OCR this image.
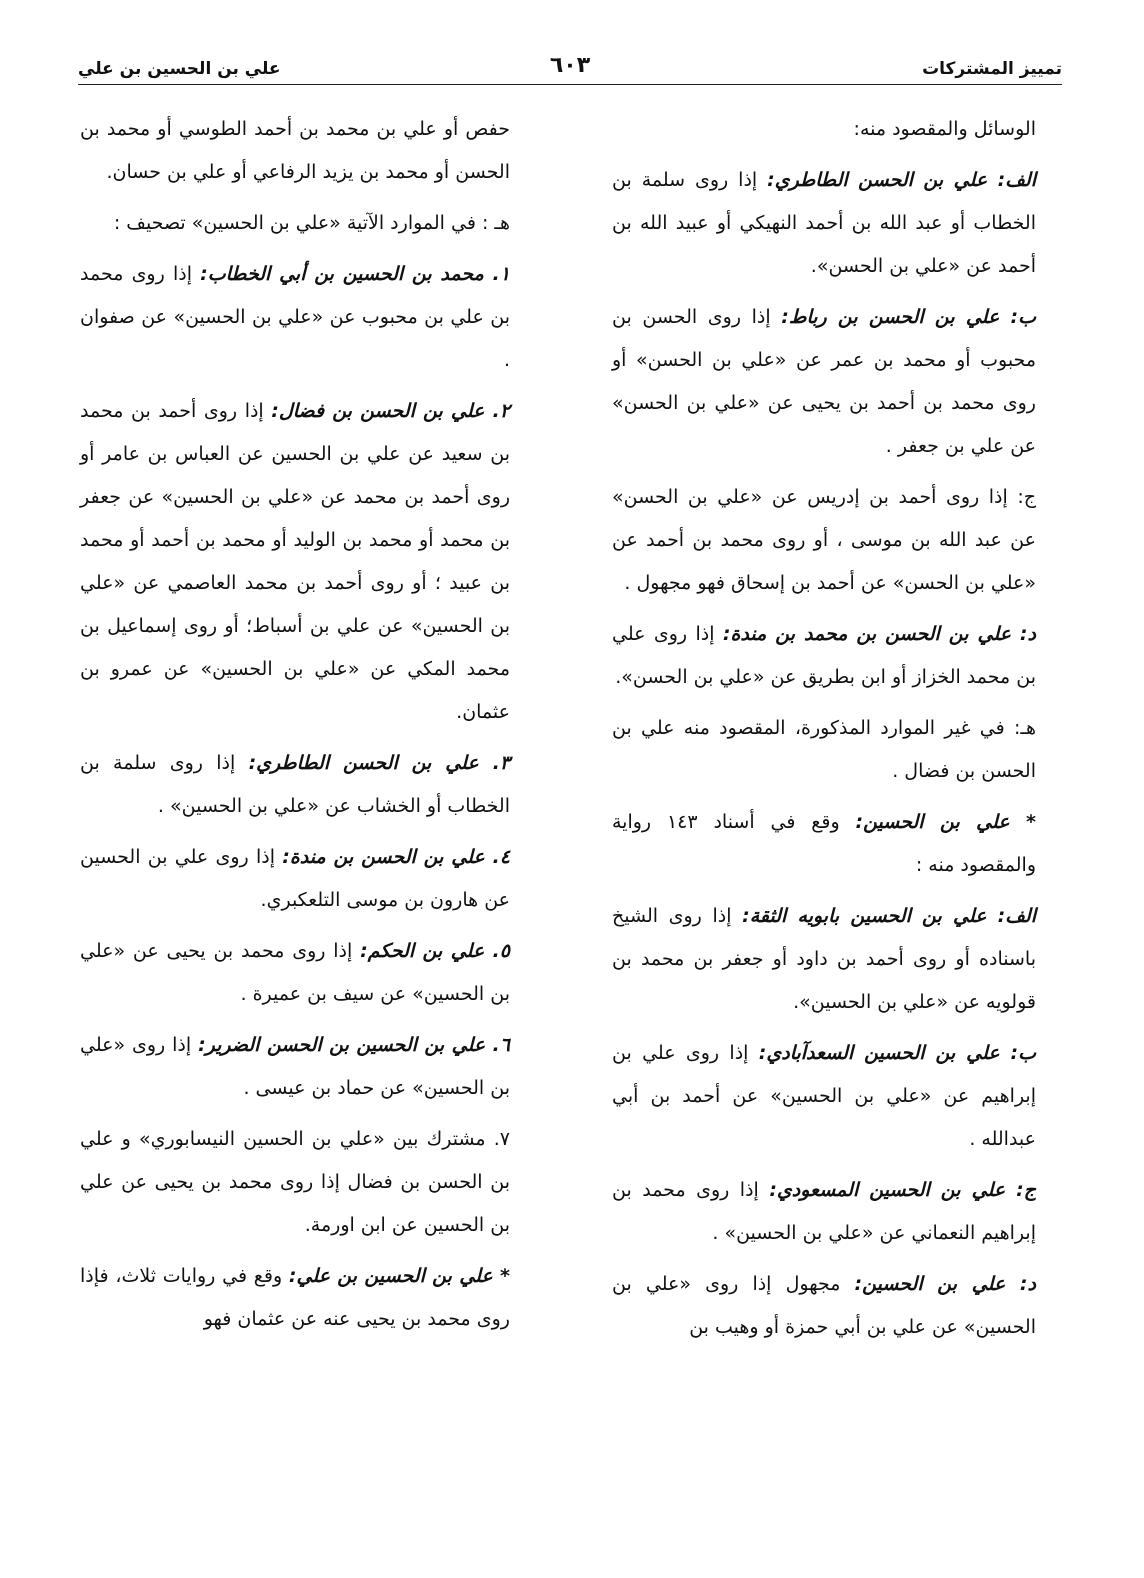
تمييز المشتركات
٦٠٣
علي بن الحسين بن علي

الوسائل والمقصود منه:

الف: علي بن الحسن الطاطري: إذا روى سلمة بن الخطاب أو عبد الله بن أحمد النهيكي أو عبيد الله بن أحمد عن «علي بن الحسن».

ب: علي بن الحسن بن رباط: إذا روى الحسن بن محبوب أو محمد بن عمر عن «علي بن الحسن» أو روى محمد بن أحمد بن يحيى عن «علي بن الحسن» عن علي بن جعفر .

ج: إذا روى أحمد بن إدريس عن «علي بن الحسن» عن عبد الله بن موسى ، أو روى محمد بن أحمد عن «علي بن الحسن» عن أحمد بن إسحاق فهو مجهول .

د: علي بن الحسن بن محمد بن مندة: إذا روى علي بن محمد الخزاز أو ابن بطريق عن «علي بن الحسن».

هـ: في غير الموارد المذكورة، المقصود منه علي بن الحسن بن فضال .

* علي بن الحسين: وقع في أسناد ١٤٣ رواية والمقصود منه :

الف: علي بن الحسين بابويه الثقة: إذا روى الشيخ باسناده أو روى أحمد بن داود أو جعفر بن محمد بن قولويه عن «علي بن الحسين».

ب: علي بن الحسين السعدآبادي: إذا روى علي بن إبراهيم عن «علي بن الحسين» عن أحمد بن أبي عبدالله .

ج: علي بن الحسين المسعودي: إذا روى محمد بن إبراهيم النعماني عن «علي بن الحسين» .

د: علي بن الحسين: مجهول إذا روى «علي بن الحسين» عن علي بن أبي حمزة أو وهيب بن

حفص أو علي بن محمد بن أحمد الطوسي أو محمد بن الحسن أو محمد بن يزيد الرفاعي أو علي بن حسان.

هـ : في الموارد الآتية «علي بن الحسين» تصحيف :

١. محمد بن الحسين بن أبي الخطاب: إذا روى محمد بن علي بن محبوب عن «علي بن الحسين» عن صفوان .

٢. علي بن الحسن بن فضال: إذا روى أحمد بن محمد بن سعيد عن علي بن الحسين عن العباس بن عامر أو روى أحمد بن محمد عن «علي بن الحسين» عن جعفر بن محمد أو محمد بن الوليد أو محمد بن أحمد أو محمد بن عبيد ؛ أو روى أحمد بن محمد العاصمي عن «علي بن الحسين» عن علي بن أسباط؛ أو روى إسماعيل بن محمد المكي عن «علي بن الحسين» عن عمرو بن عثمان.

٣. علي بن الحسن الطاطري: إذا روى سلمة بن الخطاب أو الخشاب عن «علي بن الحسين» .

٤. علي بن الحسن بن مندة: إذا روى علي بن الحسين عن هارون بن موسى التلعكبري.

٥. علي بن الحكم: إذا روى محمد بن يحيى عن «علي بن الحسين» عن سيف بن عميرة .

٦. علي بن الحسين بن الحسن الضرير: إذا روى «علي بن الحسين» عن حماد بن عيسى .

٧. مشترك بين «علي بن الحسين النيسابوري» و علي بن الحسن بن فضال إذا روى محمد بن يحيى عن علي بن الحسين عن ابن اورمة.

* علي بن الحسين بن علي: وقع في روايات ثلاث، فإذا روى محمد بن يحيى عنه عن عثمان فهو
